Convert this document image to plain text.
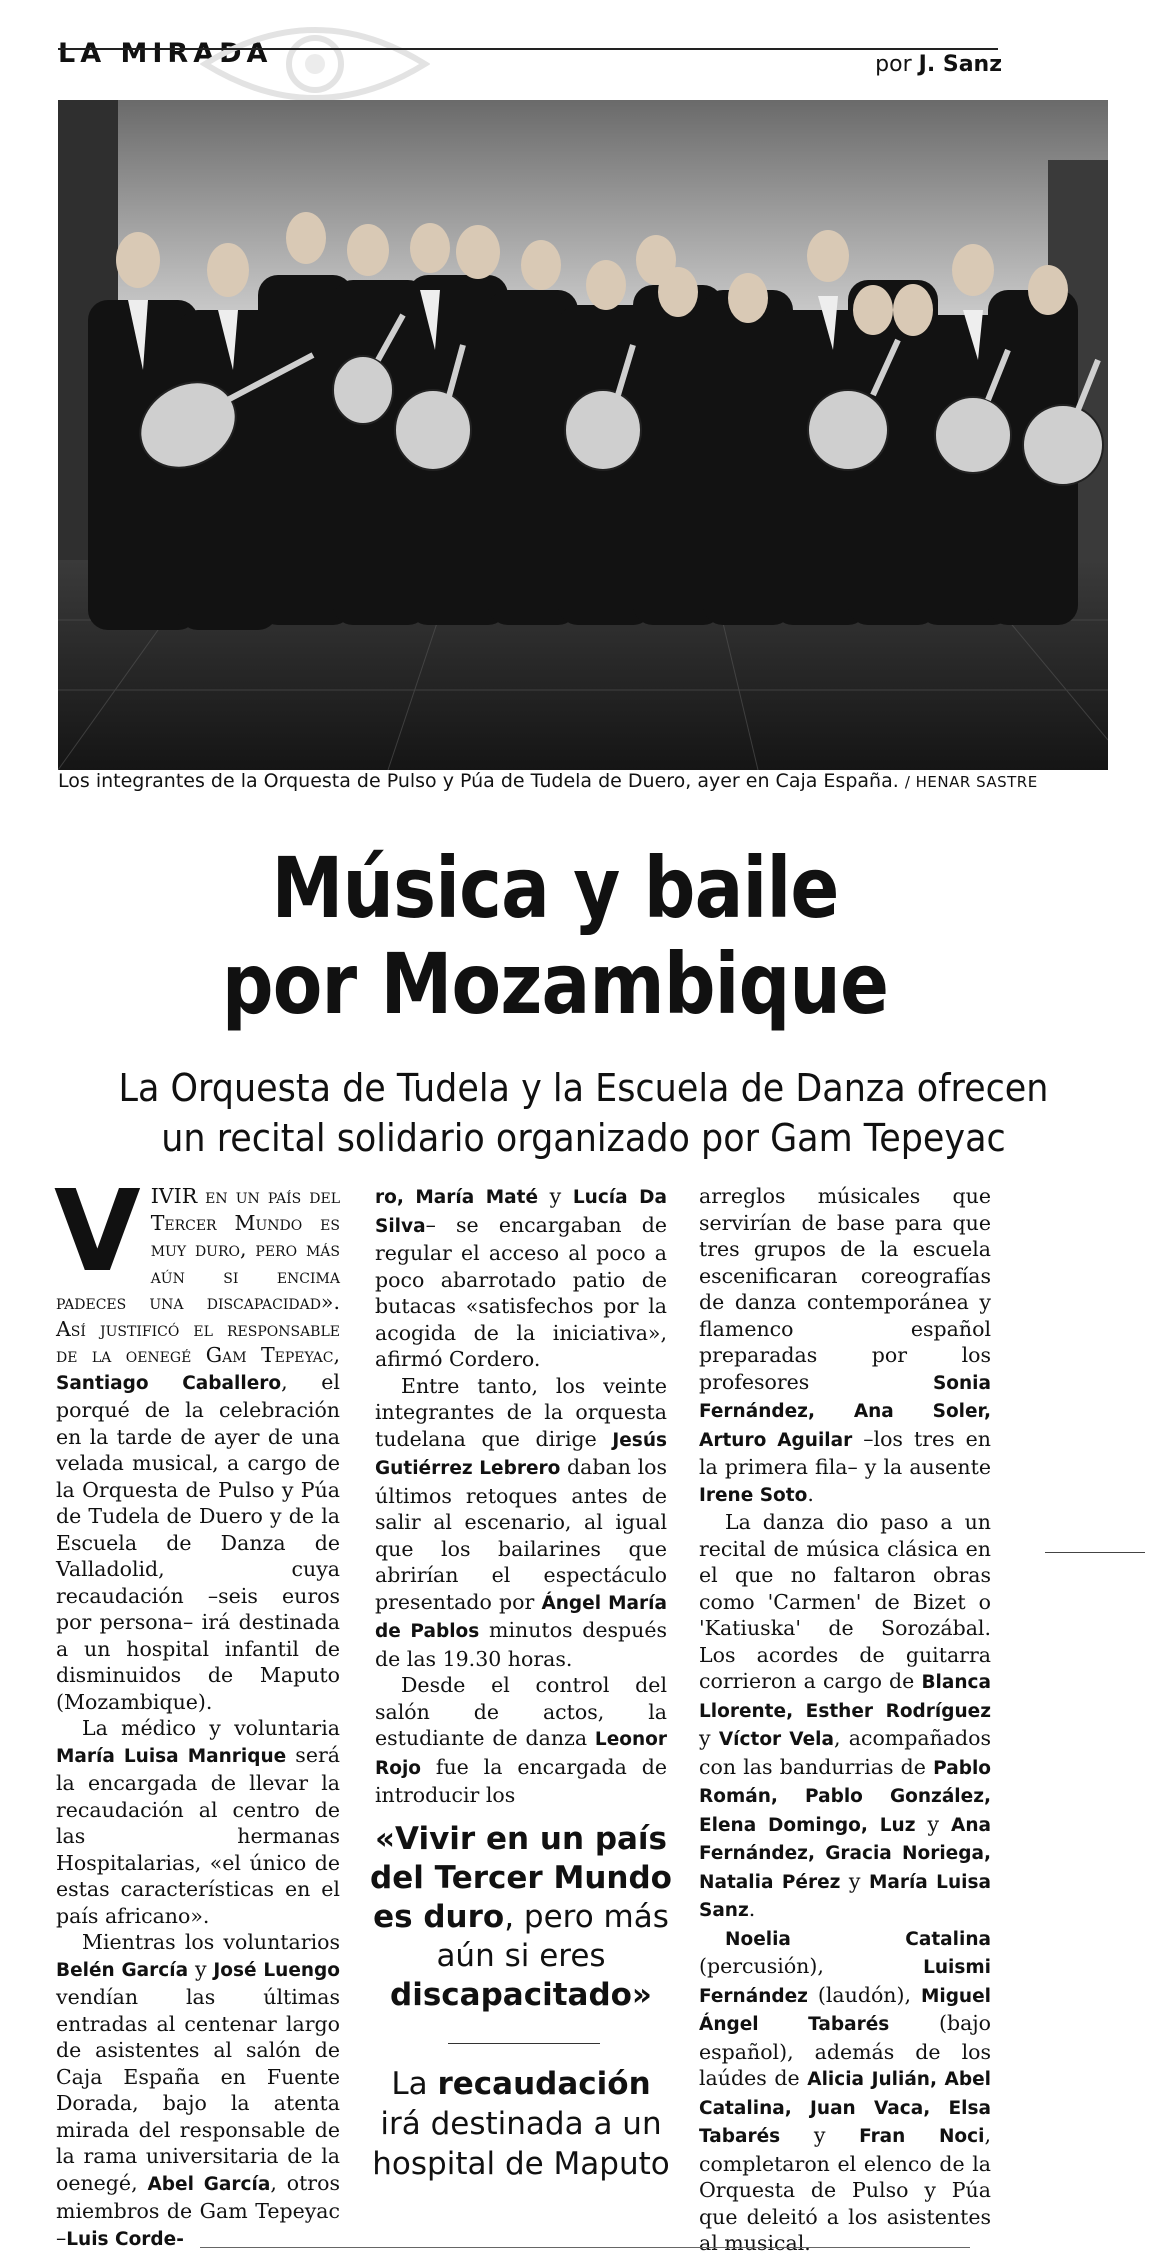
LA MIRADA	por J. Sanz
Los integrantes de la Orquesta de Pulso y Púa de Tudela de Duero, ayer en Caja España. / HENAR SASTRE
Música y baile
por Mozambique
La Orquesta de Tudela y la Escuela de Danza ofrecen
un recital solidario organizado por Gam Tepeyac

V IVIR en un país del Tercer Mundo es muy duro, pero más aún si encima padeces una discapacidad». Así justificó el responsable de la oenegé Gam Tepeyac, Santiago Caballero, el porqué de la celebración en la tarde de ayer de una velada musical, a cargo de la Orquesta de Pulso y Púa de Tudela de Duero y de la Escuela de Danza de Valladolid, cuya recaudación –seis euros por persona– irá destinada a un hospital infantil de disminuidos de Maputo (Mozambique).

La médico y voluntaria María Luisa Manrique será la encargada de llevar la recaudación al centro de las hermanas Hospitalarias, «el único de estas características en el país africano».

Mientras los voluntarios Belén García y José Luengo vendían las últimas entradas al centenar largo de asistentes al salón de Caja España en Fuente Dorada, bajo la atenta mirada del responsable de la rama universitaria de la oenegé, Abel García, otros miembros de Gam Tepeyac –Luis Corde-

ro, María Maté y Lucía Da Silva– se encargaban de regular el acceso al poco a poco abarrotado patio de butacas «satisfechos por la acogida de la iniciativa», afirmó Cordero.

Entre tanto, los veinte integrantes de la orquesta tudelana que dirige Jesús Gutiérrez Lebrero daban los últimos retoques antes de salir al escenario, al igual que los bailarines que abrirían el espectáculo presentado por Ángel María de Pablos minutos después de las 19.30 horas.

Desde el control del salón de actos, la estudiante de danza Leonor Rojo fue la encargada de introducir los

«Vivir en un país del Tercer Mundo es duro, pero más aún si eres discapacitado»
La recaudación irá destinada a un hospital de Maputo

arreglos músicales que servirían de base para que tres grupos de la escuela escenificaran coreografías de danza contemporánea y flamenco español preparadas por los profesores	Sonia Fernández, Ana Soler, Arturo Aguilar –los tres en la primera fila– y la ausente Irene Soto.

La danza dio paso a un recital de música clásica en el que no faltaron obras como 'Carmen' de Bizet o 'Katiuska' de Sorozábal. Los acordes de guitarra corrieron a cargo de Blanca Llorente, Esther Rodríguez y Víctor Vela, acompañados con las bandurrias de Pablo Román, Pablo González, Elena Domingo, Luz y Ana Fernández, Gracia Noriega, Natalia Pérez y María Luisa Sanz.

Noelia Catalina (percusión),	Luismi Fernández (laudón), Miguel Ángel Tabarés (bajo español), además de los laúdes de Alicia Julián, Abel Catalina, Juan Vaca, Elsa Tabarés y Fran Noci, completaron el elenco de la Orquesta de Pulso y Púa que deleitó a los asistentes al musical.
